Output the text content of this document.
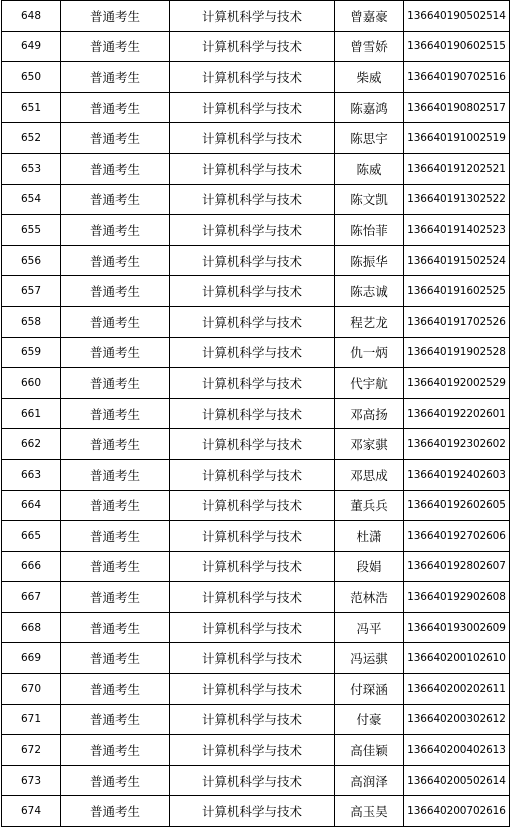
648	普通考生	计算机科学与技术	曾嘉豪	136640190502514
649	普通考生	计算机科学与技术	曾雪娇	136640190602515
650	普通考生	计算机科学与技术	柴威	136640190702516
651	普通考生	计算机科学与技术	陈嘉鸿	136640190802517
652	普通考生	计算机科学与技术	陈思宇	136640191002519
653	普通考生	计算机科学与技术	陈威	136640191202521
654	普通考生	计算机科学与技术	陈文凯	136640191302522
655	普通考生	计算机科学与技术	陈怡菲	136640191402523
656	普通考生	计算机科学与技术	陈振华	136640191502524
657	普通考生	计算机科学与技术	陈志诚	136640191602525
658	普通考生	计算机科学与技术	程艺龙	136640191702526
659	普通考生	计算机科学与技术	仇一炳	136640191902528
660	普通考生	计算机科学与技术	代宇航	136640192002529
661	普通考生	计算机科学与技术	邓高扬	136640192202601
662	普通考生	计算机科学与技术	邓家骐	136640192302602
663	普通考生	计算机科学与技术	邓思成	136640192402603
664	普通考生	计算机科学与技术	董兵兵	136640192602605
665	普通考生	计算机科学与技术	杜潇	136640192702606
666	普通考生	计算机科学与技术	段娟	136640192802607
667	普通考生	计算机科学与技术	范林浩	136640192902608
668	普通考生	计算机科学与技术	冯平	136640193002609
669	普通考生	计算机科学与技术	冯运骐	136640200102610
670	普通考生	计算机科学与技术	付琛涵	136640200202611
671	普通考生	计算机科学与技术	付豪	136640200302612
672	普通考生	计算机科学与技术	高佳颖	136640200402613
673	普通考生	计算机科学与技术	高润泽	136640200502614
674	普通考生	计算机科学与技术	高玉昊	136640200702616
